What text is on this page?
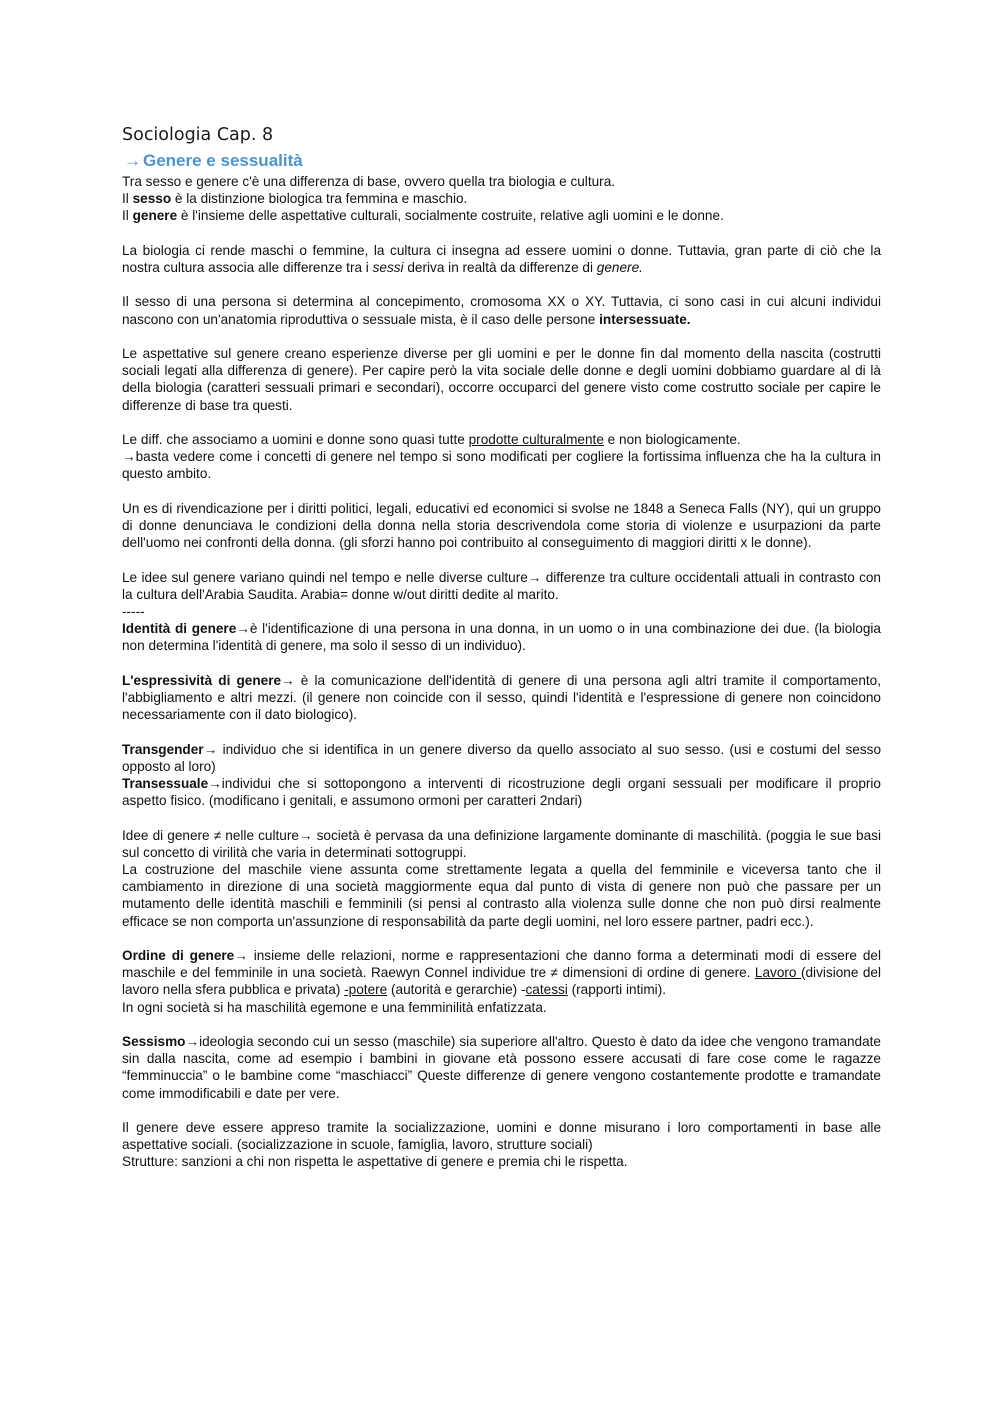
Sociologia Cap. 8
→ Genere e sessualità

Tra sesso e genere c'è una differenza di base, ovvero quella tra biologia e cultura.
Il sesso è la distinzione biologica tra femmina e maschio.
Il genere è l'insieme delle aspettative culturali, socialmente costruite, relative agli uomini e le donne.

La biologia ci rende maschi o femmine, la cultura ci insegna ad essere uomini o donne. Tuttavia, gran parte di ciò che la nostra cultura associa alle differenze tra i sessi deriva in realtà da differenze di genere.

Il sesso di una persona si determina al concepimento, cromosoma XX o XY. Tuttavia, ci sono casi in cui alcuni individui nascono con un'anatomia riproduttiva o sessuale mista, è il caso delle persone intersessuate.

Le aspettative sul genere creano esperienze diverse per gli uomini e per le donne fin dal momento della nascita (costrutti sociali legati alla differenza di genere). Per capire però la vita sociale delle donne e degli uomini dobbiamo guardare al di là della biologia (caratteri sessuali primari e secondari), occorre occuparci del genere visto come costrutto sociale per capire le differenze di base tra questi.

Le diff. che associamo a uomini e donne sono quasi tutte prodotte culturalmente e non biologicamente.
→basta vedere come i concetti di genere nel tempo si sono modificati per cogliere la fortissima influenza che ha la cultura in questo ambito.

Un es di rivendicazione per i diritti politici, legali, educativi ed economici si svolse ne 1848 a Seneca Falls (NY), qui un gruppo di donne denunciava le condizioni della donna nella storia descrivendola come storia di violenze e usurpazioni da parte dell'uomo nei confronti della donna. (gli sforzi hanno poi contribuito al conseguimento di maggiori diritti x le donne).

Le idee sul genere variano quindi nel tempo e nelle diverse culture→ differenze tra culture occidentali attuali in contrasto con la cultura dell'Arabia Saudita. Arabia= donne w/out diritti dedite al marito.

-----

Identità di genere→è l'identificazione di una persona in una donna, in un uomo o in una combinazione dei due. (la biologia non determina l'identità di genere, ma solo il sesso di un individuo).

L'espressività di genere→ è la comunicazione dell'identità di genere di una persona agli altri tramite il comportamento, l'abbigliamento e altri mezzi. (il genere non coincide con il sesso, quindi l'identità e l'espressione di genere non coincidono necessariamente con il dato biologico).

Transgender→ individuo che si identifica in un genere diverso da quello associato al suo sesso. (usi e costumi del sesso opposto al loro)

Transessuale→individui che si sottopongono a interventi di ricostruzione degli organi sessuali per modificare il proprio aspetto fisico. (modificano i genitali, e assumono ormoni per caratteri 2ndari)

Idee di genere ≠ nelle culture→ società è pervasa da una definizione largamente dominante di maschilità. (poggia le sue basi sul concetto di virilità che varia in determinati sottogruppi.

La costruzione del maschile viene assunta come strettamente legata a quella del femminile e viceversa tanto che il cambiamento in direzione di una società maggiormente equa dal punto di vista di genere non può che passare per un mutamento delle identità maschili e femminili (si pensi al contrasto alla violenza sulle donne che non può dirsi realmente efficace se non comporta un'assunzione di responsabilità da parte degli uomini, nel loro essere partner, padri ecc.).

Ordine di genere→ insieme delle relazioni, norme e rappresentazioni che danno forma a determinati modi di essere del maschile e del femminile in una società. Raewyn Connel individue tre ≠ dimensioni di ordine di genere. Lavoro (divisione del lavoro nella sfera pubblica e privata) -potere (autorità e gerarchie) -catessi (rapporti intimi).

In ogni società si ha maschilità egemone e una femminilità enfatizzata.

Sessismo→ideologia secondo cui un sesso (maschile) sia superiore all'altro. Questo è dato da idee che vengono tramandate sin dalla nascita, come ad esempio i bambini in giovane età possono essere accusati di fare cose come le ragazze “femminuccia” o le bambine come “maschiacci” Queste differenze di genere vengono costantemente prodotte e tramandate come immodificabili e date per vere.

Il genere deve essere appreso tramite la socializzazione, uomini e donne misurano i loro comportamenti in base alle aspettative sociali. (socializzazione in scuole, famiglia, lavoro, strutture sociali)

Strutture: sanzioni a chi non rispetta le aspettative di genere e premia chi le rispetta.
